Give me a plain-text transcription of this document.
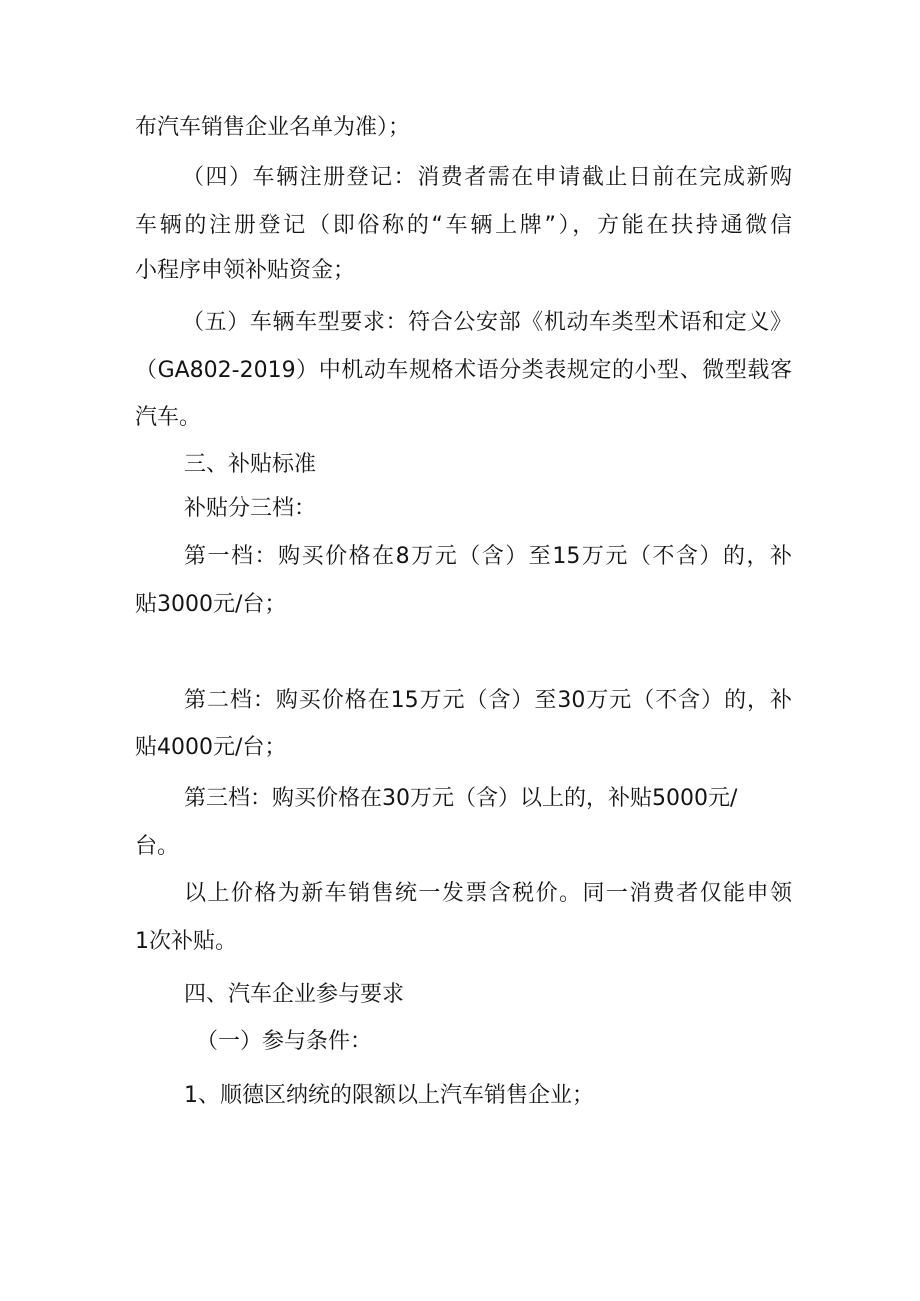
布汽车销售企业名单为准）；

（四）车辆注册登记：消费者需在申请截止日前在完成新购

车辆的注册登记（即俗称的“车辆上牌”），方能在扶持通微信

小程序申领补贴资金；

（五）车辆车型要求：符合公安部《机动车类型术语和定义》

（GA802-2019）中机动车规格术语分类表规定的小型、微型载客

汽车。

三、补贴标准

补贴分三档：

第一档：购买价格在8万元（含）至15万元（不含）的，补

贴3000元/台；

第二档：购买价格在15万元（含）至30万元（不含）的，补

贴4000元/台；

第三档：购买价格在30万元（含）以上的，补贴5000元/

台。

以上价格为新车销售统一发票含税价。同一消费者仅能申领

1次补贴。

四、汽车企业参与要求

（一）参与条件：

1、顺德区纳统的限额以上汽车销售企业；
